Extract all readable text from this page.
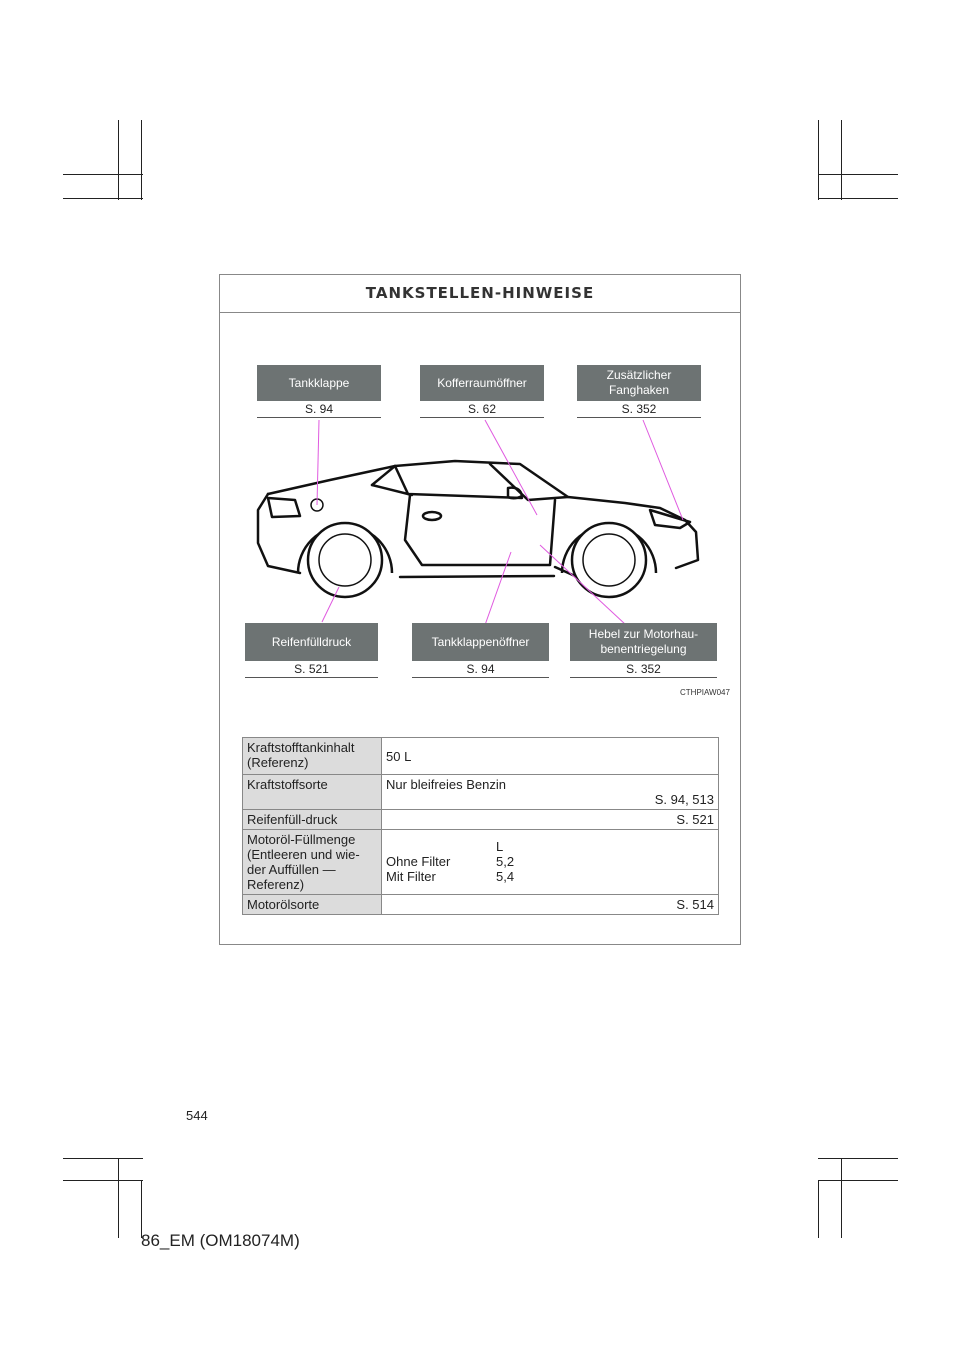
TANKSTELLEN-HINWEISE
Tankklappe
S. 94
Kofferraumöffner
S. 62
Zusätzlicher Fanghaken
S. 352
Reifenfülldruck
S. 521
Tankklappenöffner
S. 94
Hebel zur Motorhau-benentriegelung
S. 352
CTHPIAW047
Kraftstofftankinhalt (Referenz)	50 L
Kraftstoffsorte	Nur bleifreies Benzin
S. 94, 513

Reifenfüll-druck	S. 521
Motoröl-Füllmenge (Entleeren und wie-der Auffüllen — Referenz)	L
Ohne Filter 5,2
Mit Filter 5,4

Motorölsorte	S. 514
544
86_EM (OM18074M)
